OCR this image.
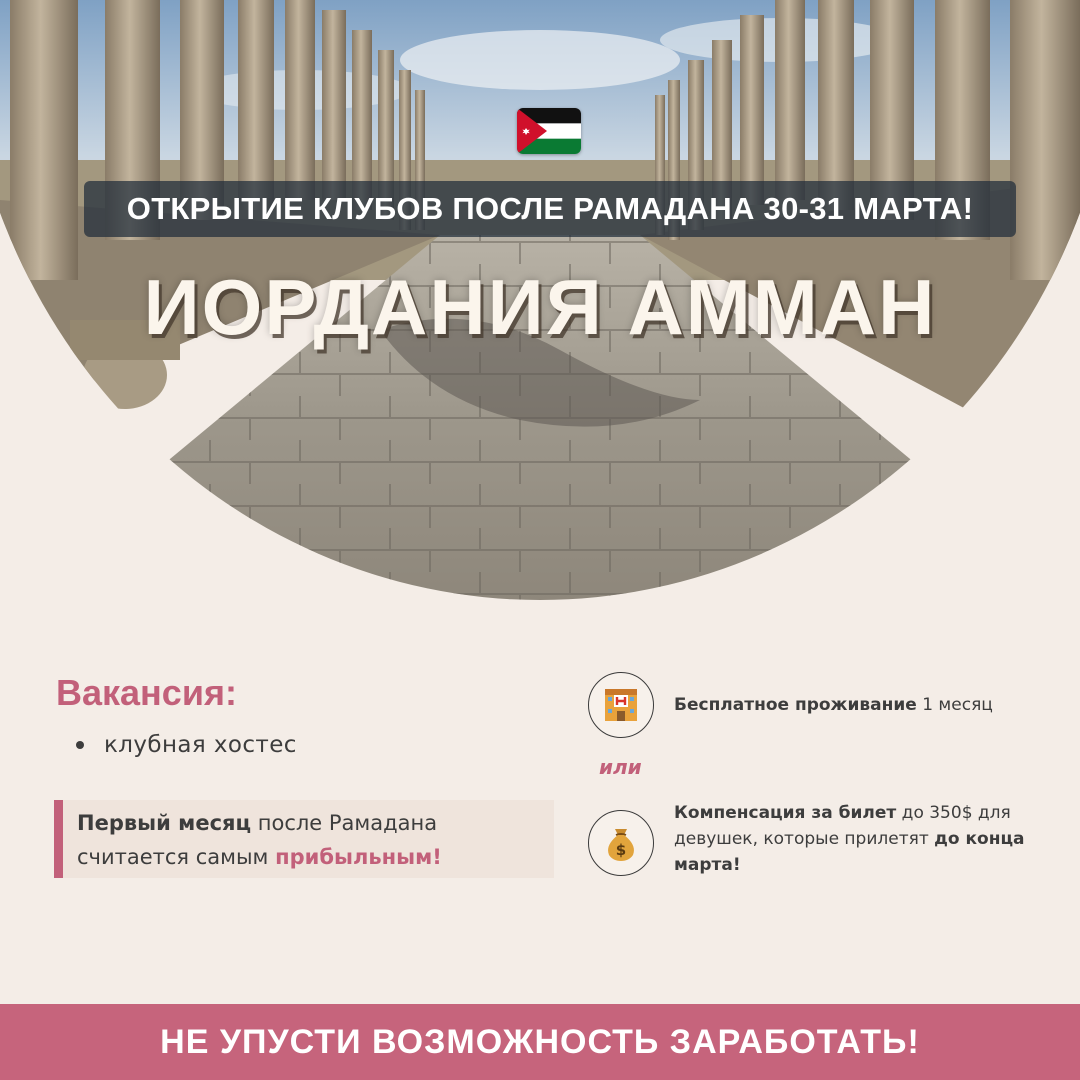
ОТКРЫТИЕ КЛУБОВ ПОСЛЕ РАМАДАНА 30-31 МАРТА!
ИОРДАНИЯ АММАН
Вакансия:
клубная хостес
Первый месяц после Рамадана считается самым прибыльным!
Бесплатное проживание 1 месяц
или
$
Компенсация за билет до 350$ для девушек, которые прилетят до конца марта!
НЕ УПУСТИ ВОЗМОЖНОСТЬ ЗАРАБОТАТЬ!
